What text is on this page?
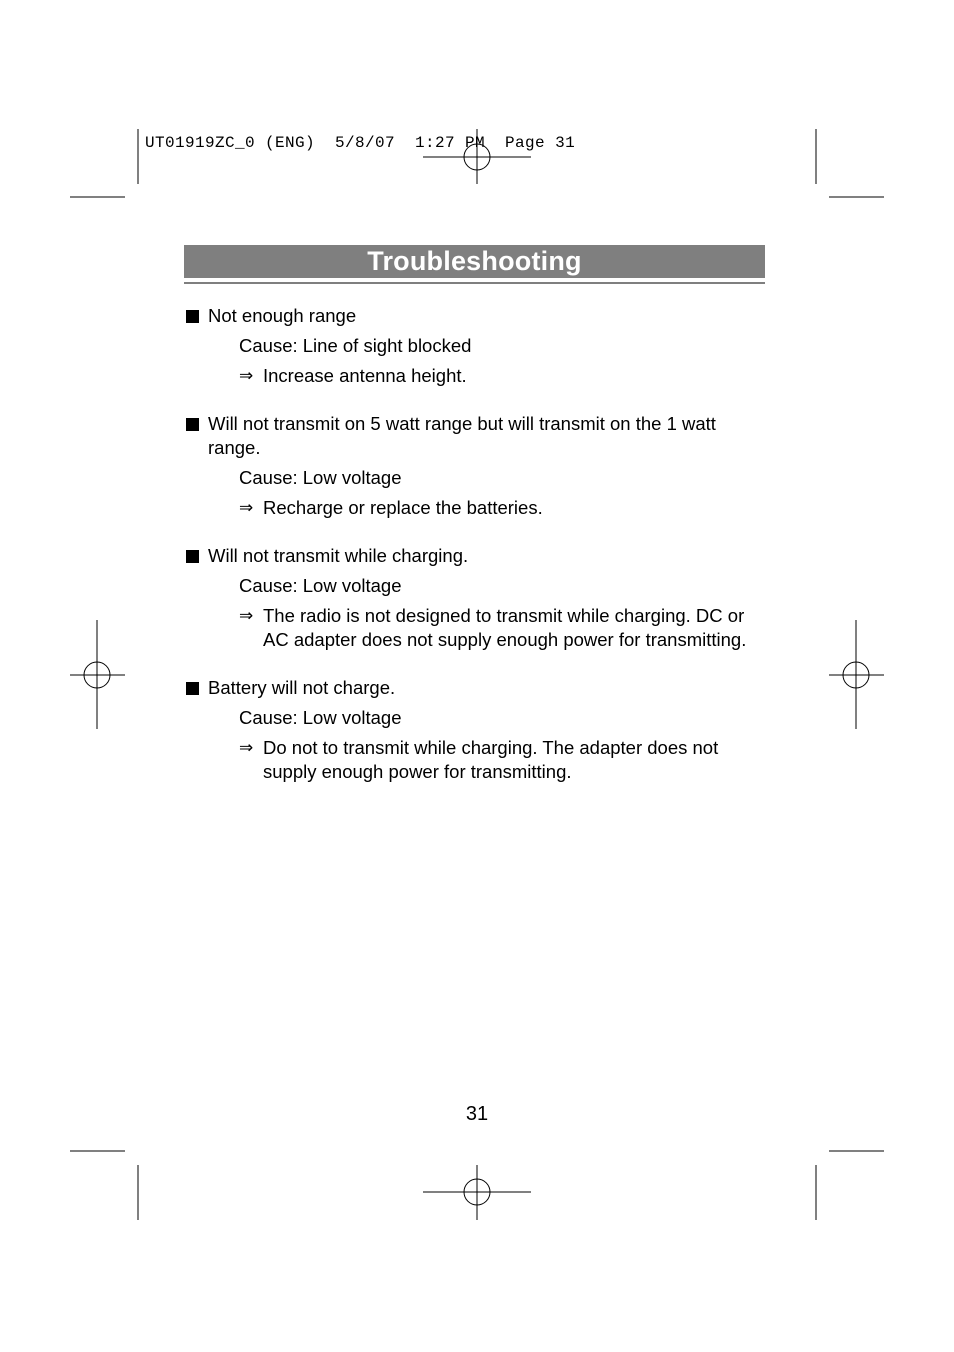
UT01919ZC_0 (ENG)  5/8/07  1:27 PM  Page 31
Troubleshooting
Not enough range
Cause: Line of sight blocked
⇒ Increase antenna height.
Will not transmit on 5 watt range but will transmit on the 1 watt range.
Cause: Low voltage
⇒ Recharge or replace the batteries.
Will not transmit while charging.
Cause: Low voltage
⇒ The radio is not designed to transmit while charging. DC or AC adapter does not supply enough power for transmitting.
Battery will not charge.
Cause: Low voltage
⇒ Do not to transmit while charging. The adapter does not supply enough power for transmitting.
31
